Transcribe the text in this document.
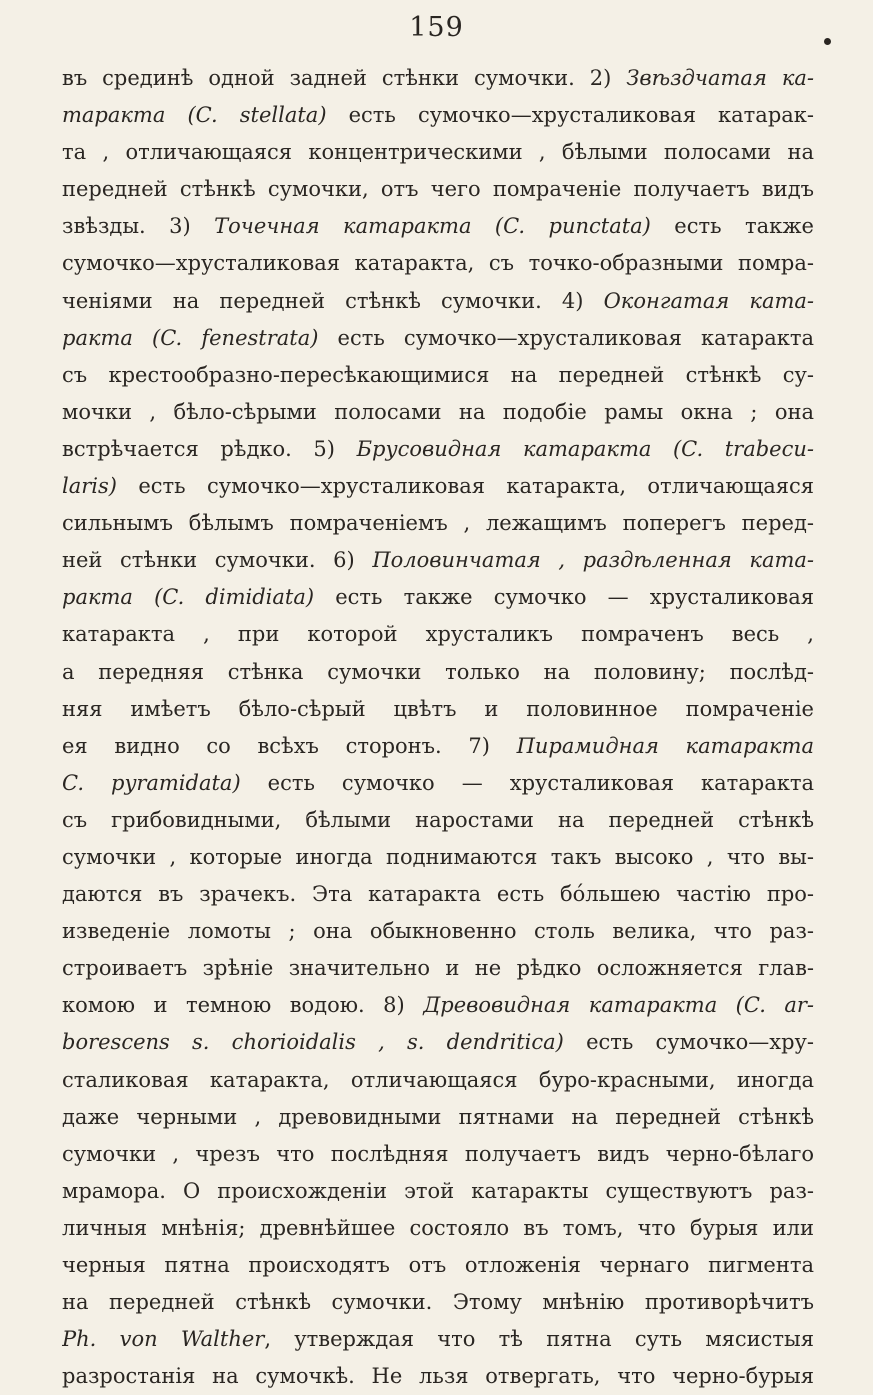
159
въ срединѣ одной задней стѣнки сумочки. 2) Звѣздчатая ка-
таракта (C. stellata) есть сумочко—хрусталиковая катарак-
та , отличающаяся концентрическими , бѣлыми полосами на
передней стѣнкѣ сумочки, отъ чего помраченіе получаетъ видъ
звѣзды. 3) Точечная катаракта (C. punctata) есть также
сумочко—хрусталиковая катаракта, съ точко-образными помра-
ченіями на передней стѣнкѣ сумочки. 4) Оконгатая ката-
ракта (C. fenestrata) есть сумочко—хрусталиковая катаракта
съ крестообразно-пересѣкающимися на передней стѣнкѣ су-
мочки , бѣло-сѣрыми полосами на подобіе рамы окна ; она
встрѣчается рѣдко. 5) Брусовидная катаракта (C. trabecu-
laris) есть сумочко—хрусталиковая катаракта, отличающаяся
сильнымъ бѣлымъ помраченіемъ , лежащимъ поперегъ перед-
ней стѣнки сумочки. 6) Половинчатая , раздѣленная ката-
ракта (C. dimidiata) есть также сумочко — хрусталиковая
катаракта , при которой хрусталикъ помраченъ весь ,
а передняя стѣнка сумочки только на половину; послѣд-
няя имѣетъ бѣло-сѣрый цвѣтъ и половинное помраченіе
ея видно со всѣхъ сторонъ. 7) Пирамидная катаракта
C. pyramidata) есть сумочко — хрусталиковая катаракта
съ грибовидными, бѣлыми наростами на передней стѣнкѣ
сумочки , которые иногда поднимаются такъ высоко , что вы-
даются въ зрачекъ. Эта катаракта есть бо́льшею частію про-
изведеніе ломоты ; она обыкновенно столь велика, что раз-
строиваетъ зрѣніе значительно и не рѣдко осложняется глав-
комою и темною водою. 8) Древовидная катаракта (C. ar-
borescens s. chorioidalis , s. dendritica) есть сумочко—хру-
сталиковая катаракта, отличающаяся буро-красными, иногда
даже черными , древовидными пятнами на передней стѣнкѣ
сумочки , чрезъ что послѣдняя получаетъ видъ черно-бѣлаго
мрамора. О происхожденіи этой катаракты существуютъ раз-
личныя мнѣнія; древнѣйшее состояло въ томъ, что бурыя или
черныя пятна происходятъ отъ отложенія чернаго пигмента
на передней стѣнкѣ сумочки. Этому мнѣнію противорѣчитъ
Ph. von Walther, утверждая что тѣ пятна суть мясистыя
разростанія на сумочкѣ. Не льзя отвергать, что черно-бурыя
